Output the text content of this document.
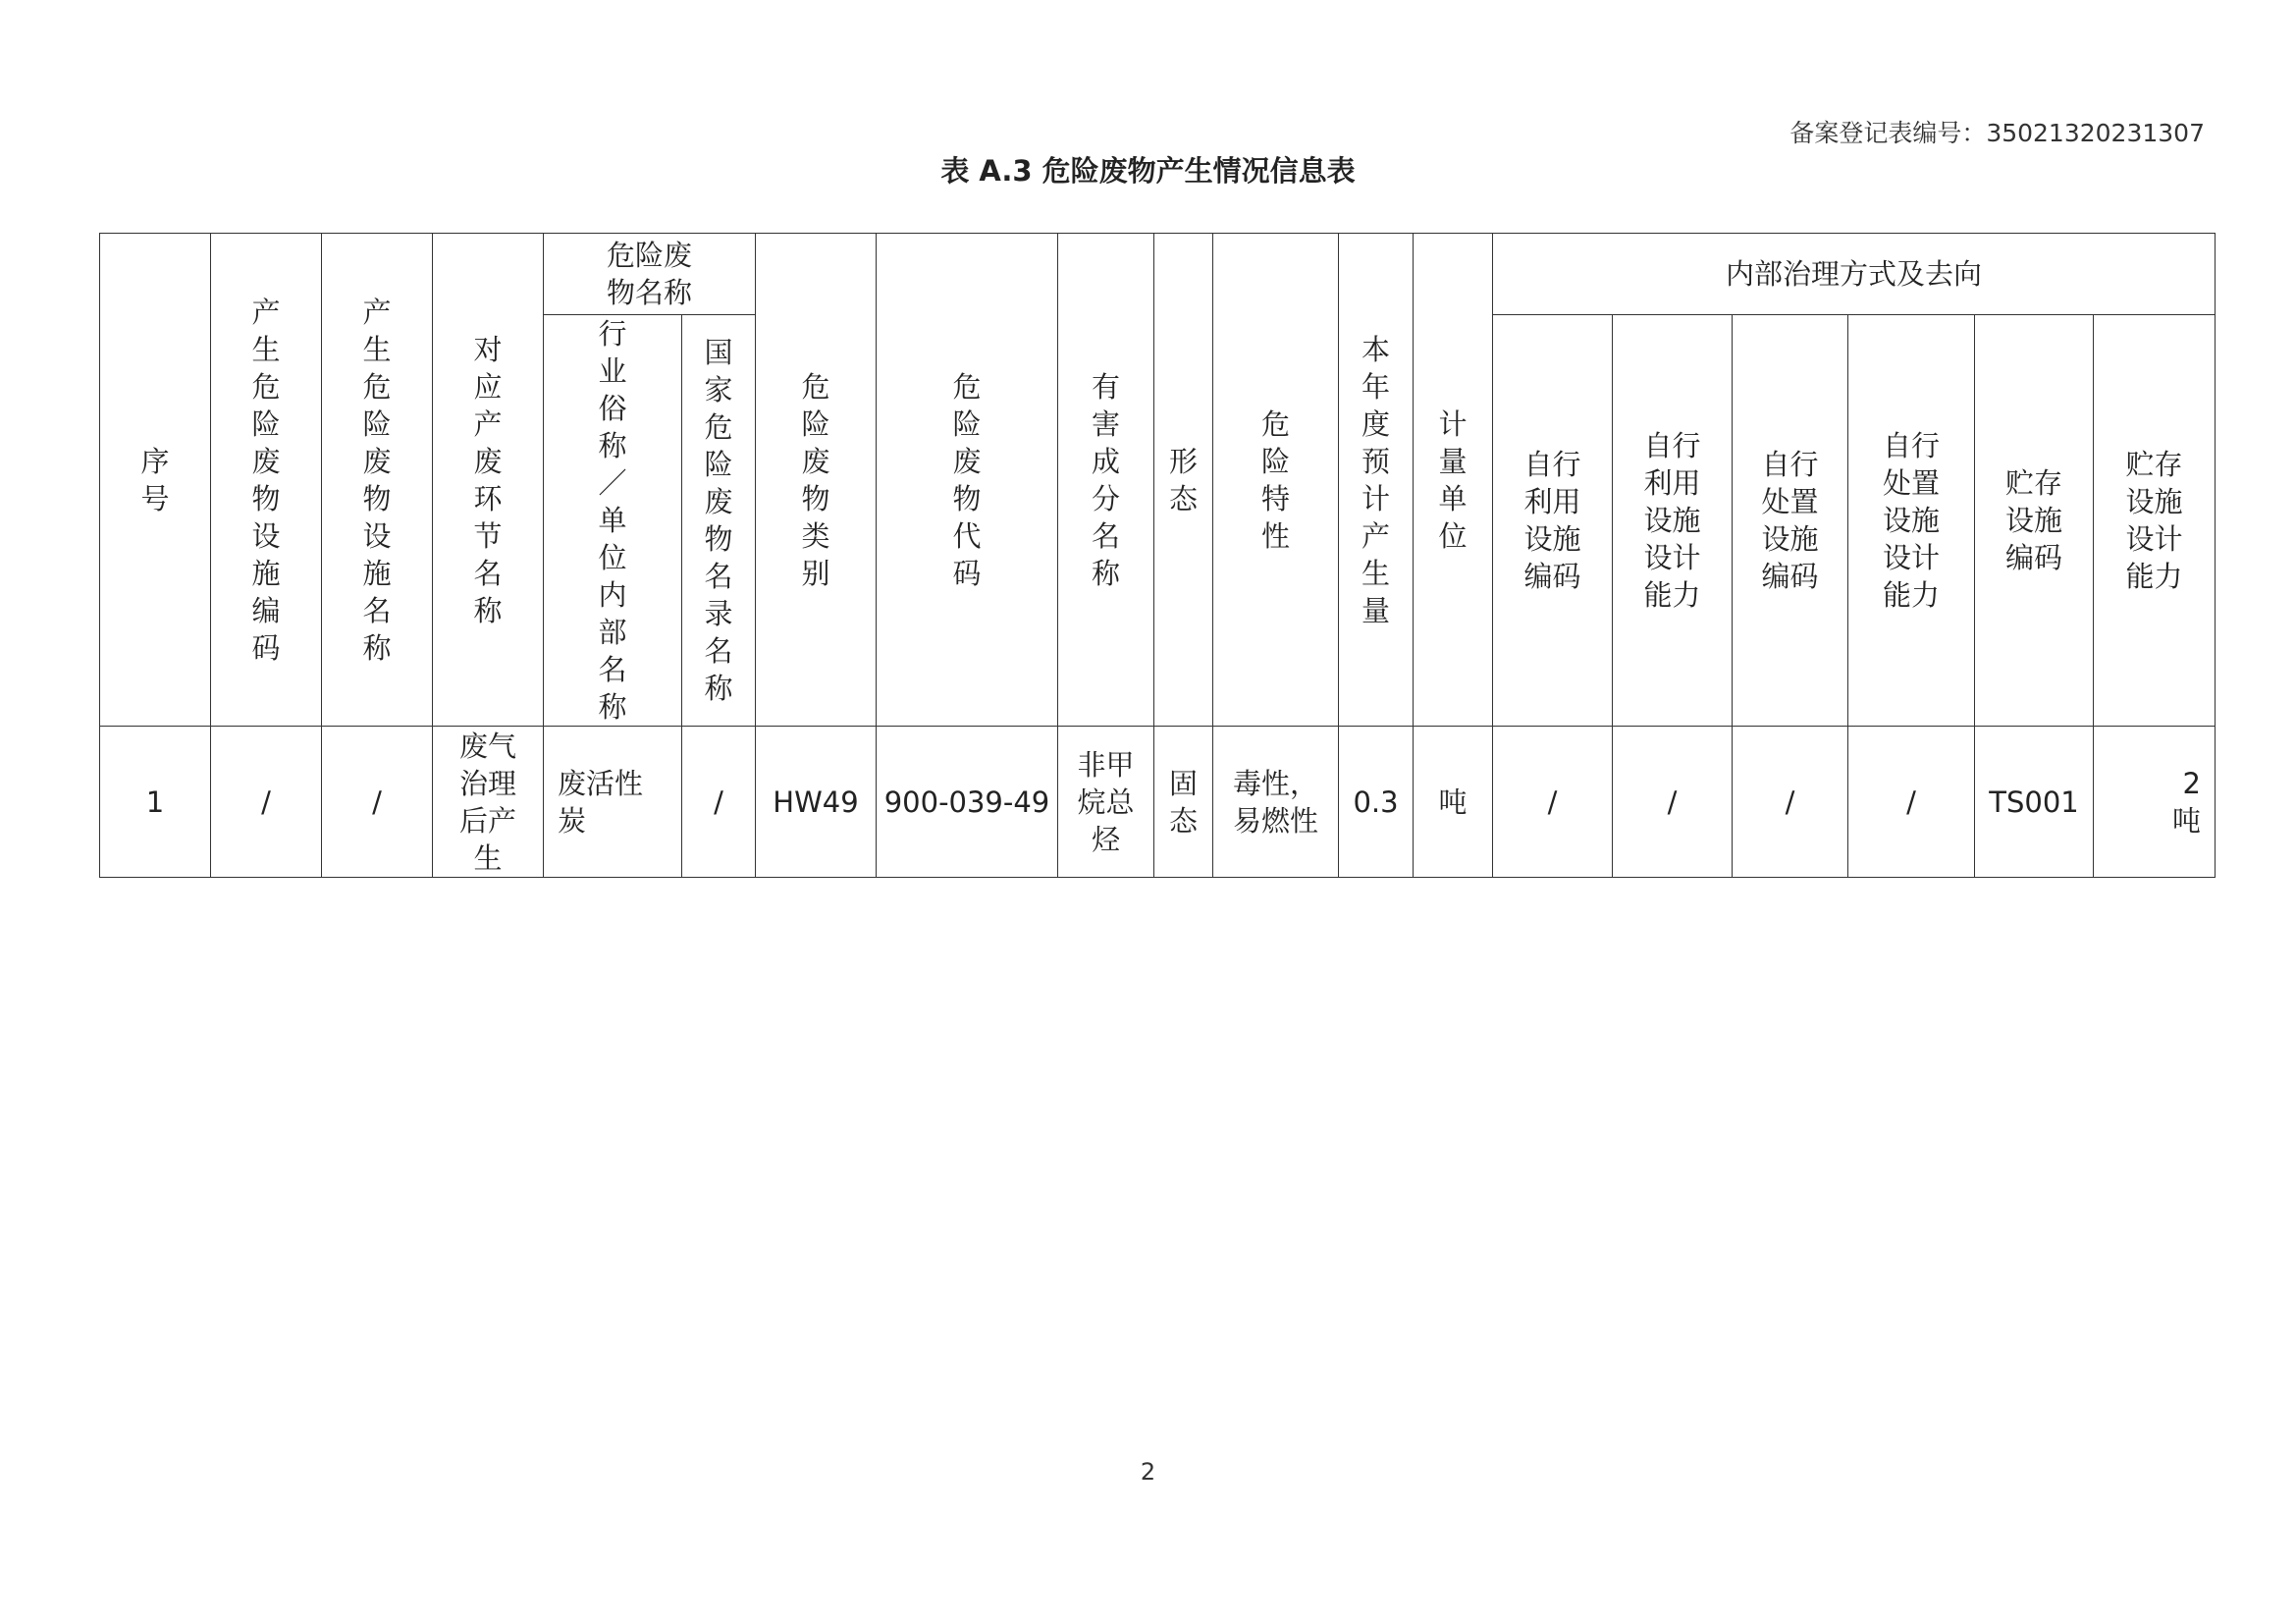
备案登记表编号：35021320231307
表 A.3 危险废物产生情况信息表
序号	产生危险废物设施编码	产生危险废物设施名称	对应产废环节名称	危险废物名称		危险废物类别	危险废物代码	有害成分名称	形态	危险特性	本年度预计产生量	计量单位	内部治理方式及去向					
				行业俗称／单位内部名称	国家危险废物名录名称								自行利用设施编码	自行利用设施设计能力	自行处置设施编码	自行处置设施设计能力	贮存设施编码	贮存设施设计能力
1	/	/	废气治理后产生	废活性炭	/	HW49	900-039-49	非甲烷总烃	固态	毒性，易燃性	0.3	吨	/	/	/	/	TS001	2 吨
2
